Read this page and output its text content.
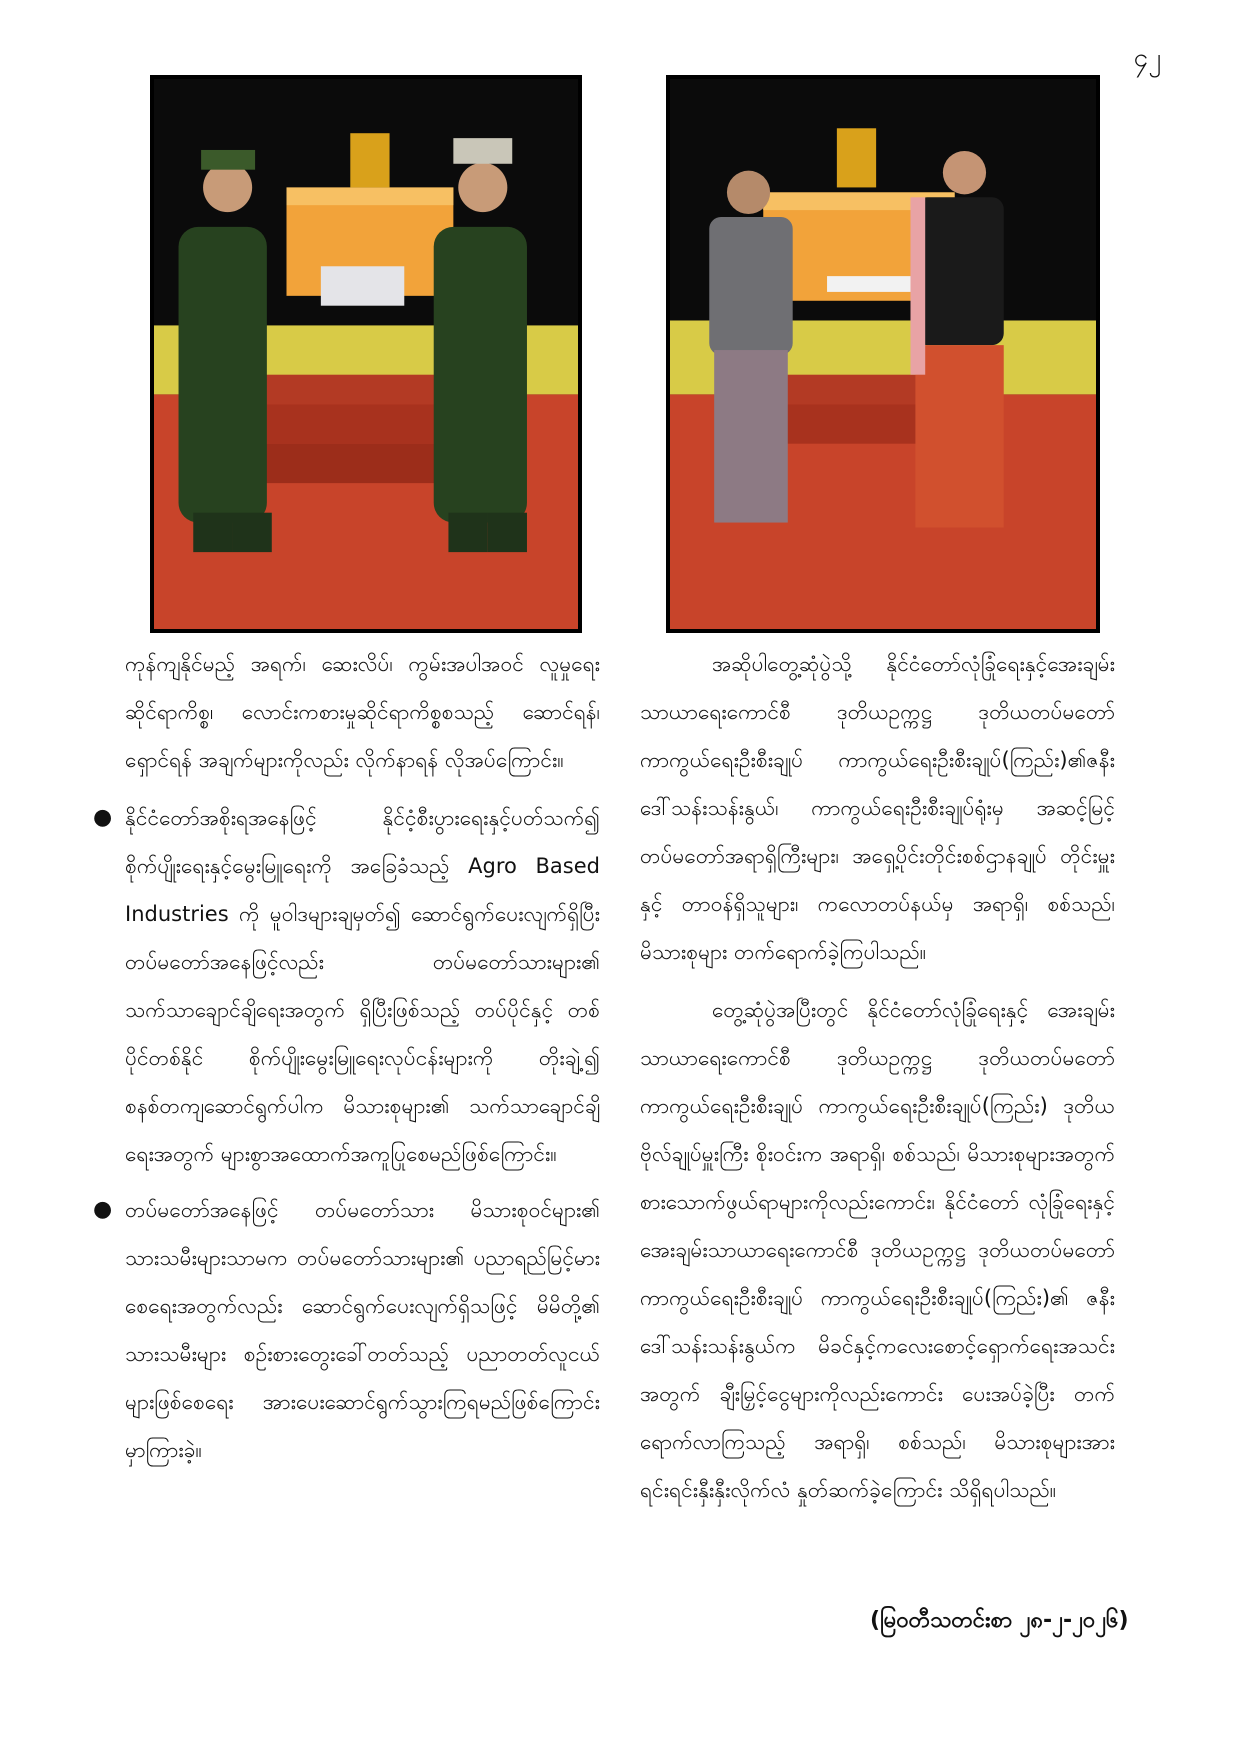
၄၂

ကုန်ကျနိုင်မည့် အရက်၊ ဆေးလိပ်၊ ကွမ်းအပါအဝင် လူမှုရေးဆိုင်ရာကိစ္စ၊ လောင်းကစားမှုဆိုင်ရာကိစ္စစသည့် ဆောင်ရန်၊ ရှောင်ရန် အချက်များကိုလည်း လိုက်နာရန် လိုအပ်ကြောင်း။

● နိုင်ငံတော်အစိုးရအနေဖြင့် နိုင်ငံ့စီးပွားရေးနှင့်ပတ်သက်၍ စိုက်ပျိုးရေးနှင့်မွေးမြူရေးကို အခြေခံသည့် Agro Based Industries ကို မူဝါဒများချမှတ်၍ ဆောင်ရွက်ပေးလျက်ရှိပြီး တပ်မတော်အနေဖြင့်လည်း တပ်မတော်သားများ၏ သက်သာချောင်ချိရေးအတွက် ရှိပြီးဖြစ်သည့် တပ်ပိုင်နှင့် တစ်ပိုင်တစ်နိုင် စိုက်ပျိုးမွေးမြူရေးလုပ်ငန်းများကို တိုးချဲ့၍ စနစ်တကျဆောင်ရွက်ပါက မိသားစုများ၏ သက်သာချောင်ချိရေးအတွက် များစွာအထောက်အကူပြုစေမည်ဖြစ်ကြောင်း။
● တပ်မတော်အနေဖြင့် တပ်မတော်သား မိသားစုဝင်များ၏ သားသမီးများသာမက တပ်မတော်သားများ၏ ပညာရည်မြင့်မားစေရေးအတွက်လည်း ဆောင်ရွက်ပေးလျက်ရှိသဖြင့် မိမိတို့၏ သားသမီးများ စဉ်းစားတွေးခေါ်တတ်သည့် ပညာတတ်လူငယ်များဖြစ်စေရေး အားပေးဆောင်ရွက်သွားကြရမည်ဖြစ်ကြောင်း မှာကြားခဲ့။

အဆိုပါတွေ့ဆုံပွဲသို့ နိုင်ငံတော်လုံခြုံရေးနှင့်အေးချမ်းသာယာရေးကောင်စီ ဒုတိယဥက္ကဋ္ဌ ဒုတိယတပ်မတော်ကာကွယ်ရေးဦးစီးချုပ် ကာကွယ်ရေးဦးစီးချုပ်(ကြည်း)၏ဇနီး ဒေါ်သန်းသန်းနွယ်၊ ကာကွယ်ရေးဦးစီးချုပ်ရုံးမှ အဆင့်မြင့် တပ်မတော်အရာရှိကြီးများ၊ အရှေ့ပိုင်းတိုင်းစစ်ဌာနချုပ် တိုင်းမှူးနှင့် တာဝန်ရှိသူများ၊ ကလောတပ်နယ်မှ အရာရှိ၊ စစ်သည်၊ မိသားစုများ တက်ရောက်ခဲ့ကြပါသည်။

တွေ့ဆုံပွဲအပြီးတွင် နိုင်ငံတော်လုံခြုံရေးနှင့် အေးချမ်းသာယာရေးကောင်စီ ဒုတိယဥက္ကဋ္ဌ ဒုတိယတပ်မတော် ကာကွယ်ရေးဦးစီးချုပ် ကာကွယ်ရေးဦးစီးချုပ်(ကြည်း) ဒုတိယဗိုလ်ချုပ်မှူးကြီး စိုးဝင်းက အရာရှိ၊ စစ်သည်၊ မိသားစုများအတွက် စားသောက်ဖွယ်ရာများကိုလည်းကောင်း၊ နိုင်ငံတော် လုံခြုံရေးနှင့် အေးချမ်းသာယာရေးကောင်စီ ဒုတိယဥက္ကဋ္ဌ ဒုတိယတပ်မတော်ကာကွယ်ရေးဦးစီးချုပ် ကာကွယ်ရေးဦးစီးချုပ်(ကြည်း)၏ ဇနီးဒေါ်သန်းသန်းနွယ်က မိခင်နှင့်ကလေးစောင့်ရှောက်ရေးအသင်းအတွက် ချီးမြှင့်ငွေများကိုလည်းကောင်း ပေးအပ်ခဲ့ပြီး တက်ရောက်လာကြသည့် အရာရှိ၊ စစ်သည်၊ မိသားစုများအား ရင်းရင်းနှီးနှီးလိုက်လံ နှုတ်ဆက်ခဲ့ကြောင်း သိရှိရပါသည်။

(မြဝတီသတင်းစာ ၂၈-၂-၂၀၂၆)
